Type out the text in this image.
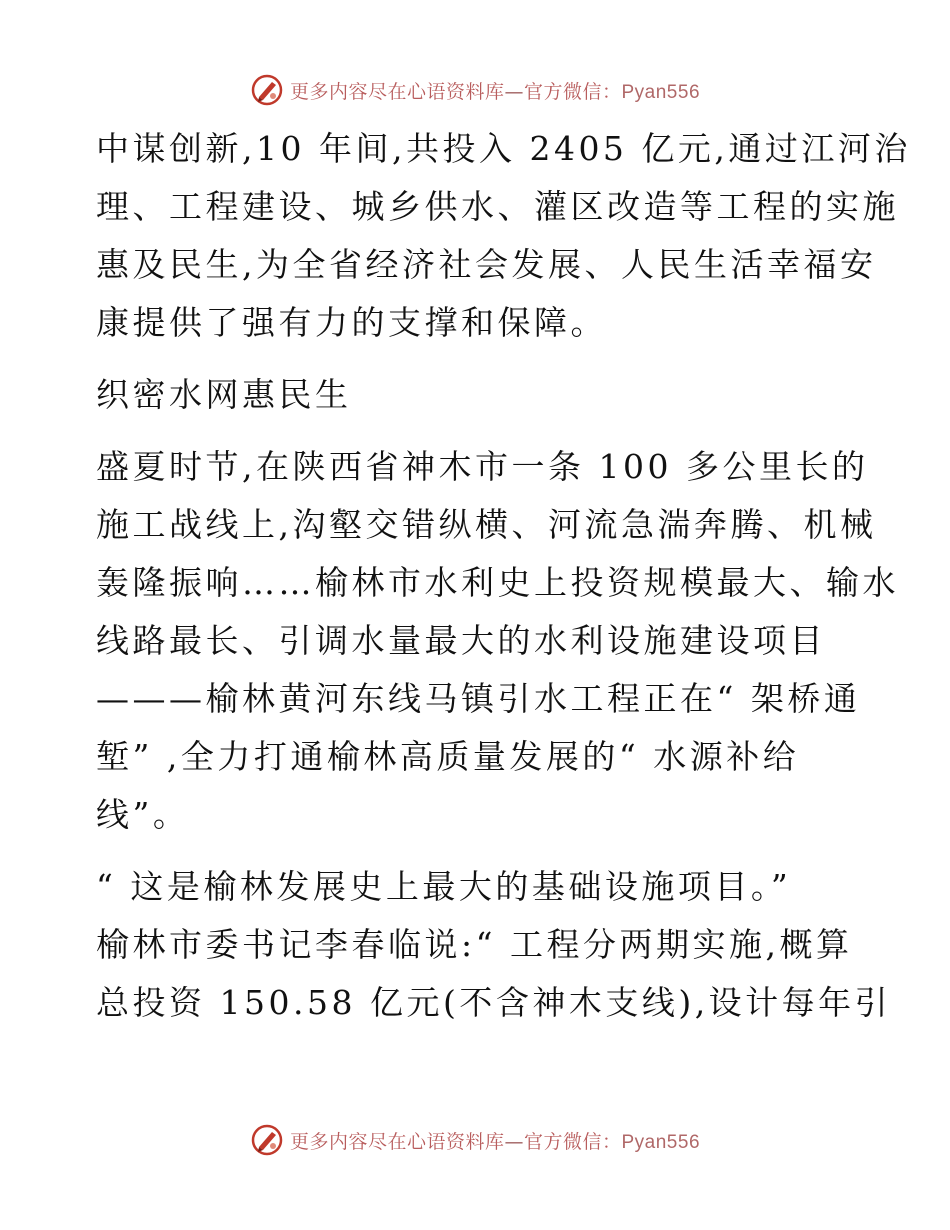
更多内容尽在心语资料库—官方微信：Pyan556

中谋创新,10 年间,共投入 2405 亿元,通过江河治
理、工程建设、城乡供水、灌区改造等工程的实施
惠及民生,为全省经济社会发展、人民生活幸福安
康提供了强有力的支撑和保障。

织密水网惠民生

盛夏时节,在陕西省神木市一条 100 多公里长的
施工战线上,沟壑交错纵横、河流急湍奔腾、机械
轰隆振响……榆林市水利史上投资规模最大、输水
线路最长、引调水量最大的水利设施建设项目
———榆林黄河东线马镇引水工程正在“ 架桥通
堑” ,全力打通榆林高质量发展的“ 水源补给
线”。

“ 这是榆林发展史上最大的基础设施项目。”
榆林市委书记李春临说:“ 工程分两期实施,概算
总投资 150.58 亿元(不含神木支线),设计每年引

更多内容尽在心语资料库—官方微信：Pyan556
